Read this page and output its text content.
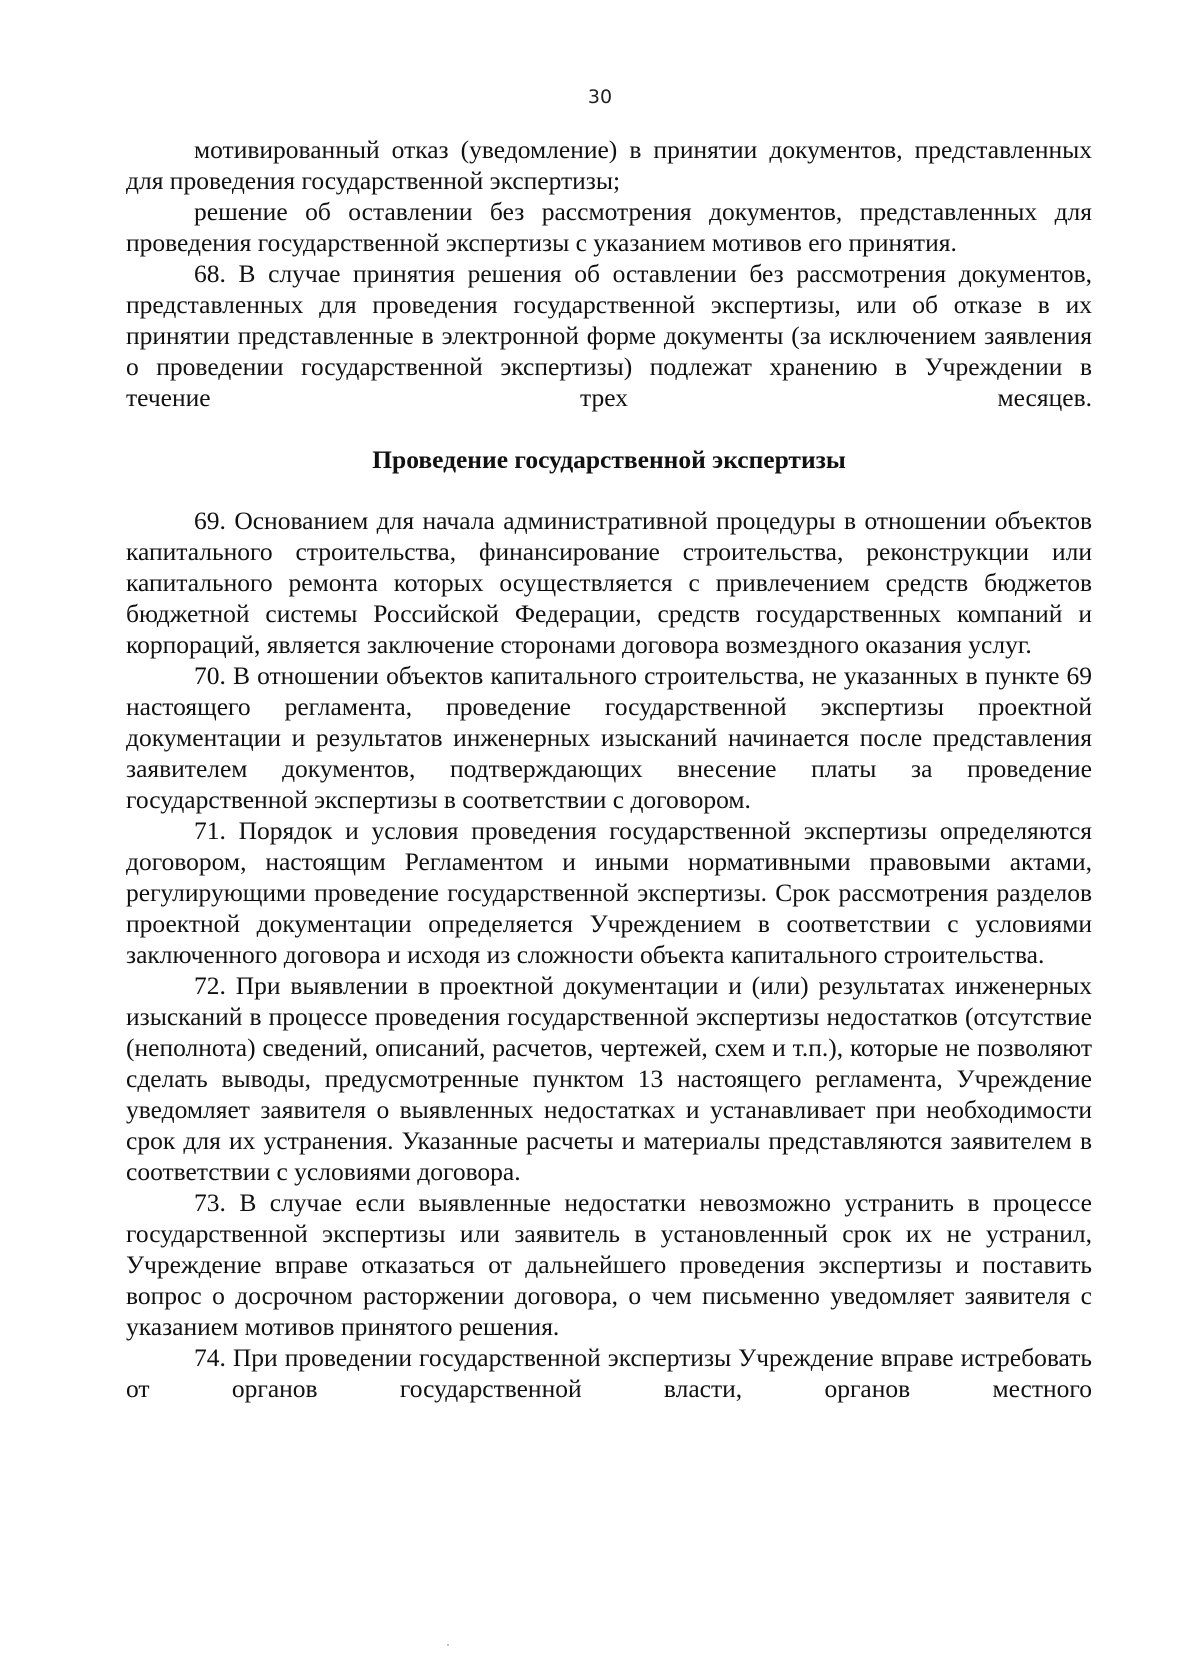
30

мотивированный отказ (уведомление) в принятии документов, представленных для проведения государственной экспертизы;

решение об оставлении без рассмотрения документов, представленных для проведения государственной экспертизы с указанием мотивов его принятия.

68. В случае принятия решения об оставлении без рассмотрения документов, представленных для проведения государственной экспертизы, или об отказе в их принятии представленные в электронной форме документы (за исключением заявления о проведении государственной экспертизы) подлежат хранению в Учреждении в течение трех месяцев.

Проведение государственной экспертизы

69. Основанием для начала административной процедуры в отношении объектов капитального строительства, финансирование строительства, реконструкции или капитального ремонта которых осуществляется с привлечением средств бюджетов бюджетной системы Российской Федерации, средств государственных компаний и корпораций, является заключение сторонами договора возмездного оказания услуг.

70. В отношении объектов капитального строительства, не указанных в пункте 69 настоящего регламента, проведение государственной экспертизы проектной документации и результатов инженерных изысканий начинается после представления заявителем документов, подтверждающих внесение платы за проведение государственной экспертизы в соответствии с договором.

71. Порядок и условия проведения государственной экспертизы определяются договором, настоящим Регламентом и иными нормативными правовыми актами, регулирующими проведение государственной экспертизы. Срок рассмотрения разделов проектной документации определяется Учреждением в соответствии с условиями заключенного договора и исходя из сложности объекта капитального строительства.

72. При выявлении в проектной документации и (или) результатах инженерных изысканий в процессе проведения государственной экспертизы недостатков (отсутствие (неполнота) сведений, описаний, расчетов, чертежей, схем и т.п.), которые не позволяют сделать выводы, предусмотренные пунктом 13 настоящего регламента, Учреждение уведомляет заявителя о выявленных недостатках и устанавливает при необходимости срок для их устранения. Указанные расчеты и материалы представляются заявителем в соответствии с условиями договора.

73. В случае если выявленные недостатки невозможно устранить в процессе государственной экспертизы или заявитель в установленный срок их не устранил, Учреждение вправе отказаться от дальнейшего проведения экспертизы и поставить вопрос о досрочном расторжении договора, о чем письменно уведомляет заявителя с указанием мотивов принятого решения.

74. При проведении государственной экспертизы Учреждение вправе истребовать от органов государственной власти, органов местного
